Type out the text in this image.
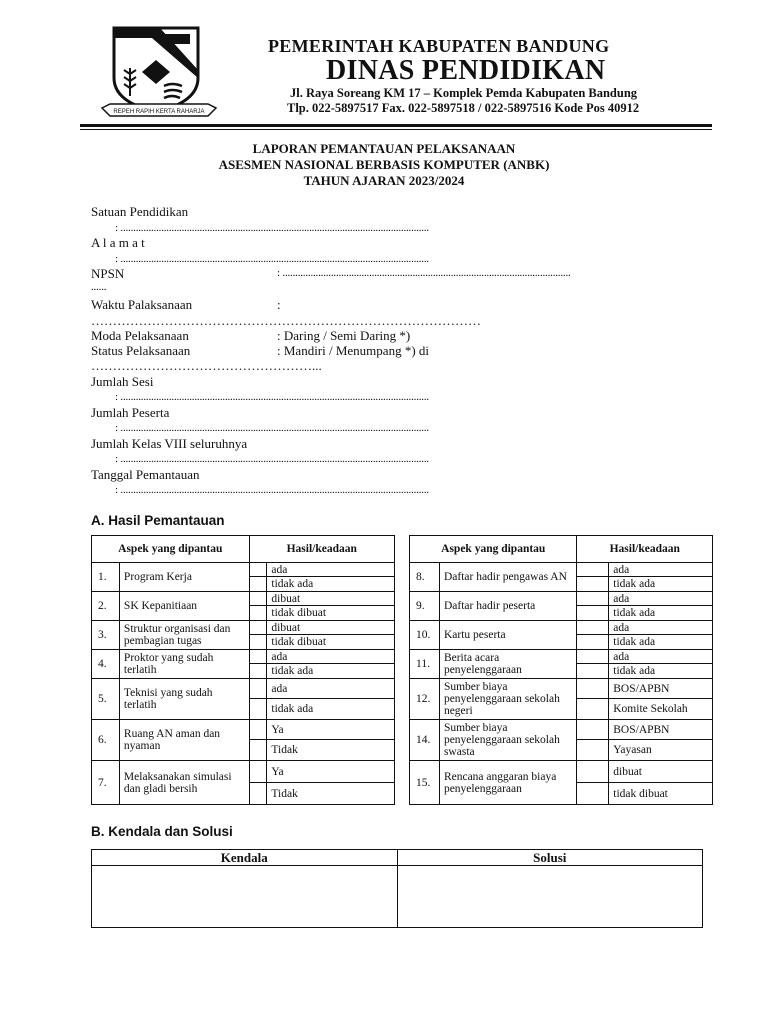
REPEH RAPIH KERTA RAHARJA
PEMERINTAH KABUPATEN BANDUNG
DINAS PENDIDIKAN
Jl. Raya Soreang KM 17 – Komplek Pemda Kabupaten Bandung
Tlp. 022-5897517 Fax. 022-5897518 / 022-5897516 Kode Pos 40912
LAPORAN PEMANTAUAN PELAKSANAAN
ASESMEN NASIONAL BERBASIS KOMPUTER (ANBK)
TAHUN AJARAN 2023/2024
Satuan Pendidikan
: .........................................................................................................................
A l a m a t
: .........................................................................................................................
NPSN	: .................................................................................................................
......
Waktu Palaksanaan	:
………………………………………………………………………………
Moda Pelaksanaan	: Daring / Semi Daring *)
Status Pelaksanaan	: Mandiri / Menumpang *) di
……………………………………………...
Jumlah Sesi
: .........................................................................................................................
Jumlah Peserta
: .........................................................................................................................
Jumlah Kelas VIII seluruhnya
: .........................................................................................................................
Tanggal Pemantauan
: .........................................................................................................................
A. Hasil Pemantauan
Aspek yang dipantau		Hasil/keadaan	
1.	Program Kerja		ada
			tidak ada
2.	SK Kepanitiaan		dibuat
			tidak dibuat
3.	Struktur organisasi dan pembagian tugas		dibuat
			tidak dibuat
4.	Proktor yang sudah terlatih		ada
			tidak ada
5.	Teknisi yang sudah terlatih		ada
			tidak ada
6.	Ruang AN aman dan nyaman		Ya
			Tidak
7.	Melaksanakan simulasi dan gladi bersih		Ya
			Tidak
Aspek yang dipantau		Hasil/keadaan	
8.	Daftar hadir pengawas AN		ada
			tidak ada
9.	Daftar hadir peserta		ada
			tidak ada
10.	Kartu peserta		ada
			tidak ada
11.	Berita acara penyelenggaraan		ada
			tidak ada
12.	Sumber biaya penyelenggaraan sekolah negeri		BOS/APBN
			Komite Sekolah
14.	Sumber biaya penyelenggaraan sekolah swasta		BOS/APBN
			Yayasan
15.	Rencana anggaran biaya penyelenggaraan		dibuat
			tidak dibuat
B. Kendala dan Solusi
Kendala	Solusi
